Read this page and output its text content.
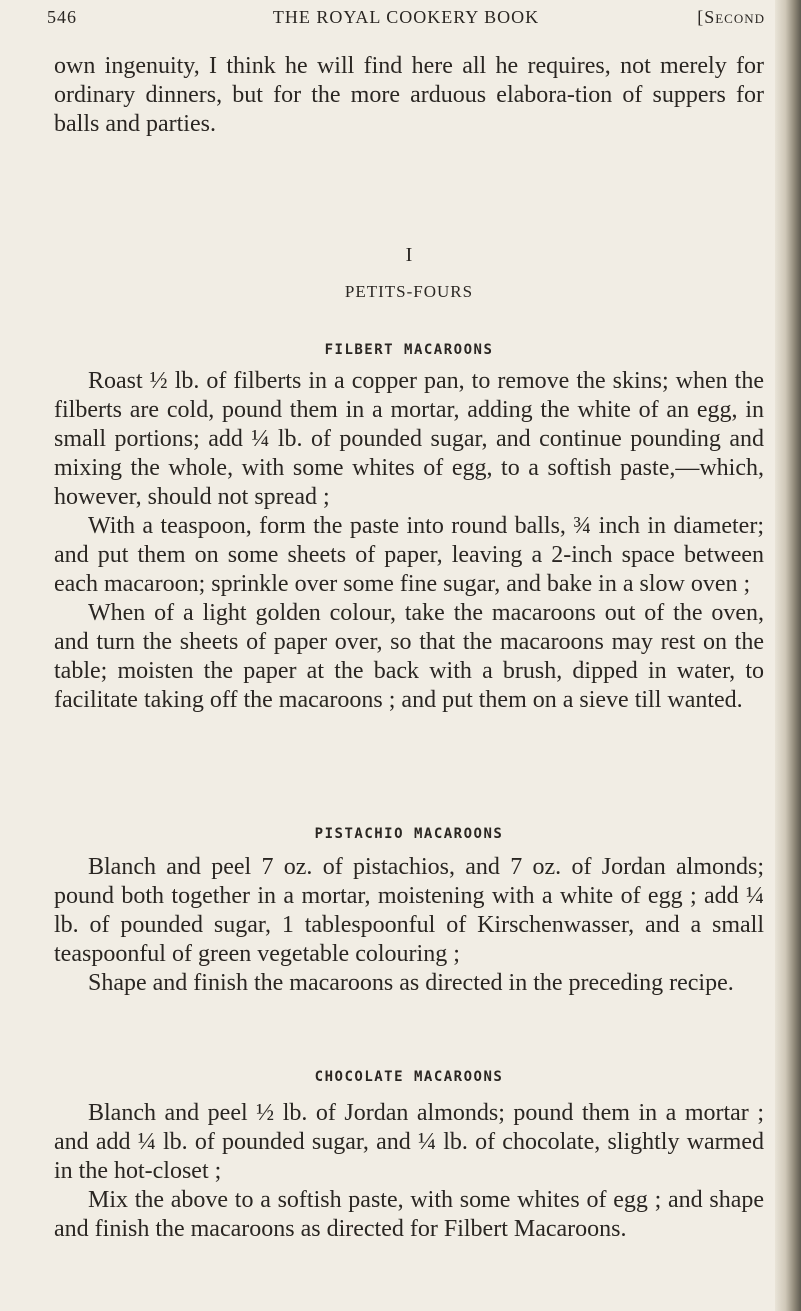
546	THE ROYAL COOKERY BOOK	[Second

own ingenuity, I think he will find here all he requires, not merely for ordinary dinners, but for the more arduous elabora-tion of suppers for balls and parties.

I
PETITS-FOURS
FILBERT MACAROONS

Roast ½ lb. of filberts in a copper pan, to remove the skins; when the filberts are cold, pound them in a mortar, adding the white of an egg, in small portions; add ¼ lb. of pounded sugar, and continue pounding and mixing the whole, with some whites of egg, to a softish paste,—which, however, should not spread ;

With a teaspoon, form the paste into round balls, ¾ inch in diameter; and put them on some sheets of paper, leaving a 2-inch space between each macaroon; sprinkle over some fine sugar, and bake in a slow oven ;

When of a light golden colour, take the macaroons out of the oven, and turn the sheets of paper over, so that the macaroons may rest on the table; moisten the paper at the back with a brush, dipped in water, to facilitate taking off the macaroons ; and put them on a sieve till wanted.

PISTACHIO MACAROONS

Blanch and peel 7 oz. of pistachios, and 7 oz. of Jordan almonds; pound both together in a mortar, moistening with a white of egg ; add ¼ lb. of pounded sugar, 1 tablespoonful of Kirschenwasser, and a small teaspoonful of green vegetable colouring ;

Shape and finish the macaroons as directed in the preceding recipe.

CHOCOLATE MACAROONS

Blanch and peel ½ lb. of Jordan almonds; pound them in a mortar ; and add ¼ lb. of pounded sugar, and ¼ lb. of chocolate, slightly warmed in the hot-closet ;

Mix the above to a softish paste, with some whites of egg ; and shape and finish the macaroons as directed for Filbert Macaroons.
